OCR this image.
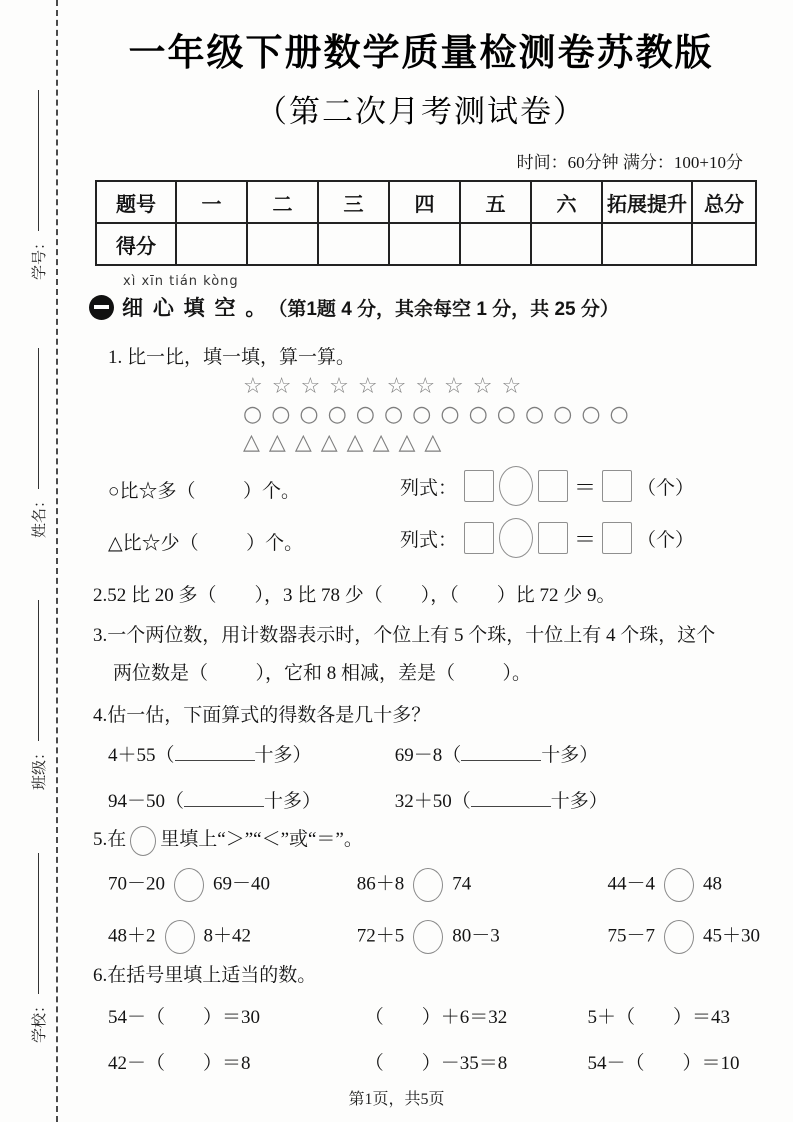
学号：
姓名：
班级：
学校：
一年级下册数学质量检测卷苏教版
（第二次月考测试卷）
时间：60分钟 满分：100+10分
题号	一	二	三	四	五	六	拓展提升	总分
得分								
xì xīn tián kòng
细 心 填 空 。 （第1题 4 分，其余每空 1 分，共 25 分）
1. 比一比，填一填，算一算。
☆☆☆☆☆☆☆☆☆☆
○○○○○○○○○○○○○○
△△△△△△△△
○比☆多（          ）个。	列式：	＝ （个）
△比☆少（          ）个。	列式：	＝ （个）
2.52 比 20 多（        ），3 比 78 少（        ），（        ）比 72 少 9。
3.一个两位数，用计数器表示时，个位上有 5 个珠，十位上有 4 个珠，这个
两位数是（          ），它和 8 相减，差是（          ）。
4.估一估，下面算式的得数各是几十多？
4＋55（	十多）	69－8（	十多）
94－50（	十多）	32＋50（	十多）
5.在 里填上“＞”“＜”或“＝”。
70－20	69－40	86＋8	74	44－4	48
48＋2	8＋42	72＋5	80－3	75－7	45＋30
6.在括号里填上适当的数。
54－（        ）＝30	（        ）＋6＝32	5＋（        ）＝43
42－（        ）＝8	（        ）－35＝8	54－（        ）＝10
第1页，共5页
